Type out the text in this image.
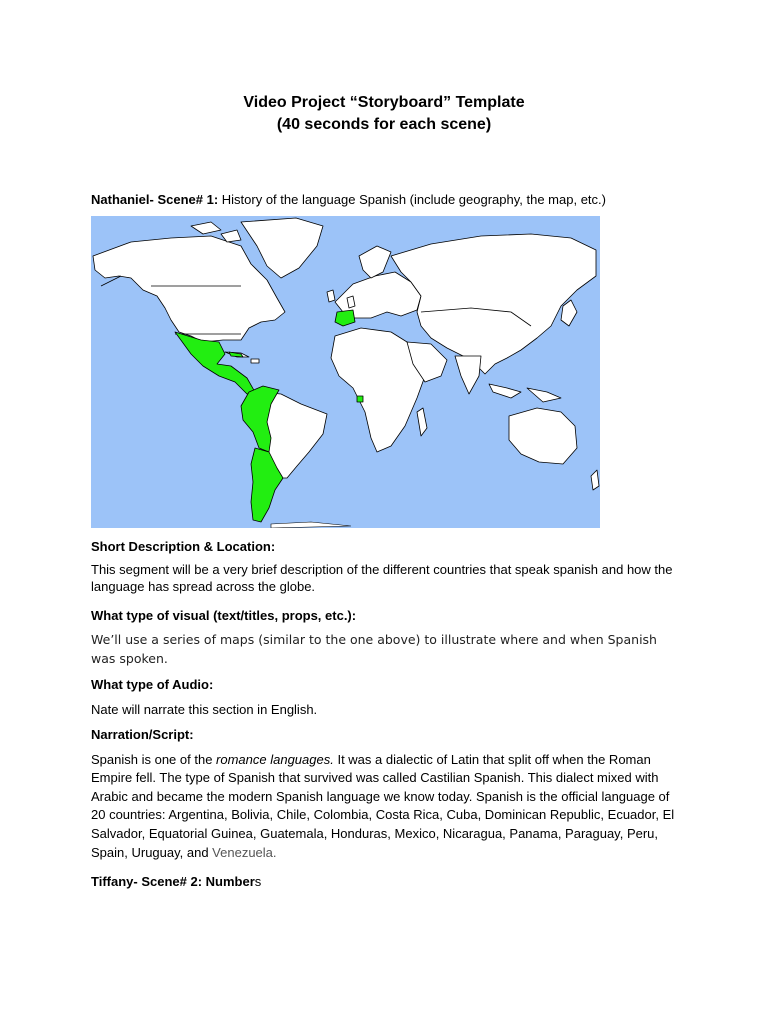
Video Project “Storyboard” Template
(40 seconds for each scene)
Nathaniel- Scene# 1: History of the language Spanish (include geography, the map, etc.)
Short Description & Location:
This segment will be a very brief description of the different countries that speak spanish and how the language has spread across the globe.
What type of visual (text/titles, props, etc.):
We’ll use a series of maps (similar to the one above) to illustrate where and when Spanish was spoken.
What type of Audio:
Nate will narrate this section in English.
Narration/Script:
Spanish is one of the romance languages. It was a dialectic of Latin that split off when the Roman Empire fell. The type of Spanish that survived was called Castilian Spanish. This dialect mixed with Arabic and became the modern Spanish language we know today. Spanish is the official language of 20 countries: Argentina, Bolivia, Chile, Colombia, Costa Rica, Cuba, Dominican Republic, Ecuador, El Salvador, Equatorial Guinea, Guatemala, Honduras, Mexico, Nicaragua, Panama, Paraguay, Peru, Spain, Uruguay, and Venezuela.
Tiffany- Scene# 2: Numbers
